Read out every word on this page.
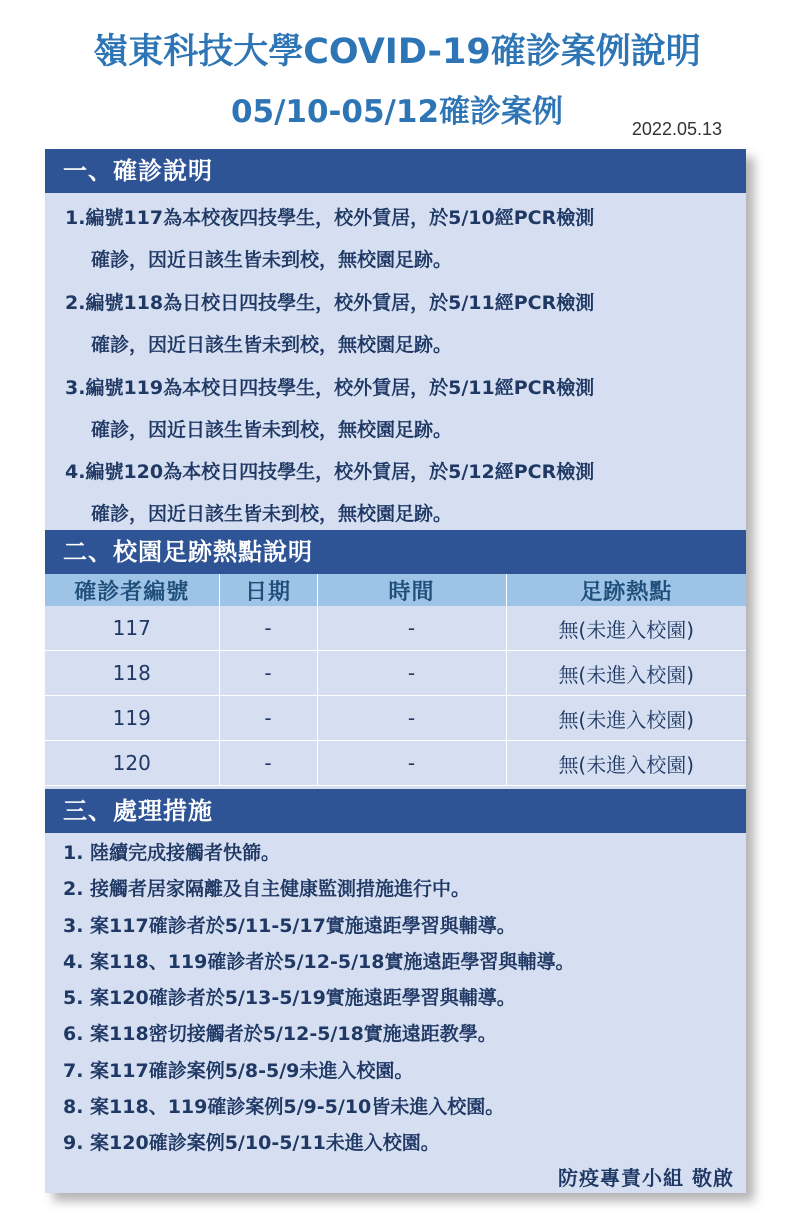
嶺東科技大學COVID-19確診案例說明
05/10-05/12確診案例	2022.05.13
一、確診說明
1.編號117為本校夜四技學生，校外賃居，於5/10經PCR檢測
確診，因近日該生皆未到校，無校園足跡。
2.編號118為日校日四技學生，校外賃居，於5/11經PCR檢測
確診，因近日該生皆未到校，無校園足跡。
3.編號119為本校日四技學生，校外賃居，於5/11經PCR檢測
確診，因近日該生皆未到校，無校園足跡。
4.編號120為本校日四技學生，校外賃居，於5/12經PCR檢測
確診，因近日該生皆未到校，無校園足跡。
二、校園足跡熱點說明
確診者編號	日期	時間	足跡熱點
117	-	-	無(未進入校園)
118	-	-	無(未進入校園)
119	-	-	無(未進入校園)
120	-	-	無(未進入校園)
三、處理措施
1. 陸續完成接觸者快篩。
2. 接觸者居家隔離及自主健康監測措施進行中。
3. 案117確診者於5/11-5/17實施遠距學習與輔導。
4. 案118、119確診者於5/12-5/18實施遠距學習與輔導。
5. 案120確診者於5/13-5/19實施遠距學習與輔導。
6. 案118密切接觸者於5/12-5/18實施遠距教學。
7. 案117確診案例5/8-5/9未進入校園。
8. 案118、119確診案例5/9-5/10皆未進入校園。
9. 案120確診案例5/10-5/11未進入校園。
防疫專責小組 敬啟
